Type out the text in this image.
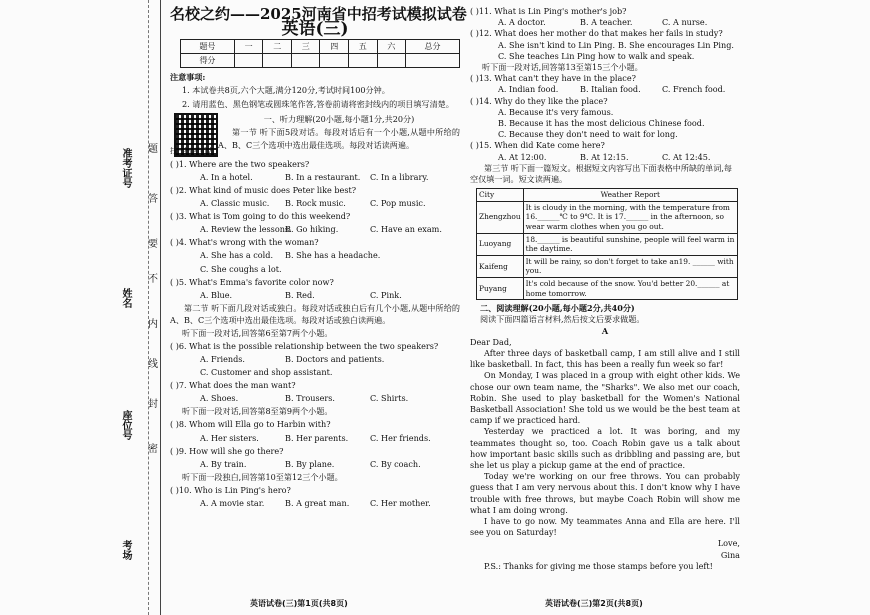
准考证号
姓名
座位号
考场
题
答
要
不
内
线
封
密
名校之约——2025河南省中招考试模拟试卷
英语(三)
题号	一	二	三	四	五	六	总分
得分							
注意事项:
1. 本试卷共8页,六个大题,满分120分,考试时间100分钟。
2. 请用蓝色、黑色钢笔或圆珠笔作答,答卷前请将密封线内的项目填写清楚。
一、听力理解(20小题,每小题1分,共20分)
第一节 听下面5段对话。每段对话后有一个小题,从题中所给的A、B、C三个选项中选出最佳选项。每段对话读两遍。
扫一扫 听听力
( )1. Where are the two speakers?
A. In a hotel.	B. In a restaurant.	C. In a library.
( )2. What kind of music does Peter like best?
A. Classic music.	B. Rock music.	C. Pop music.
( )3. What is Tom going to do this weekend?
A. Review the lessons.
B. Go hiking.	C. Have an exam.
( )4. What's wrong with the woman?
A. She has a cold.	B. She has a headache.
C. She coughs a lot.
( )5. What's Emma's favorite color now?
A. Blue.	B. Red.	C. Pink.
第二节 听下面几段对话或独白。每段对话或独白后有几个小题,从题中所给的A、B、C三个选项中选出最佳选项。每段对话或独白读两遍。
听下面一段对话,回答第6至第7两个小题。
( )6. What is the possible relationship between the two speakers?
A. Friends.	B. Doctors and patients.
C. Customer and shop assistant.
( )7. What does the man want?
A. Shoes.	B. Trousers.	C. Shirts.
听下面一段对话,回答第8至第9两个小题。
( )8. Whom will Ella go to Harbin with?
A. Her sisters.	B. Her parents.	C. Her friends.
( )9. How will she go there?
A. By train.	B. By plane.	C. By coach.
听下面一段独白,回答第10至第12三个小题。
( )10. Who is Lin Ping's hero?
A. A movie star.	B. A great man.	C. Her mother.
( )11. What is Lin Ping's mother's job?
A. A doctor.	B. A teacher.	C. A nurse.
( )12. What does her mother do that makes her fails in study?
A. She isn't kind to Lin Ping. B. She encourages Lin Ping.
C. She teaches Lin Ping how to walk and speak.
听下面一段对话,回答第13至第15三个小题。
( )13. What can't they have in the place?
A. Indian food.	B. Italian food.	C. French food.
( )14. Why do they like the place?
A. Because it's very famous.
B. Because it has the most delicious Chinese food.
C. Because they don't need to wait for long.
( )15. When did Kate come here?
A. At 12:00.	B. At 12:15.	C. At 12:45.
第三节 听下面一篇短文。根据短文内容写出下面表格中所缺的单词,每空仅填一词。短文读两遍。
City	Weather Report
Zhengzhou	It is cloudy in the morning, with the temperature from 16.______℃ to 9℃. It is 17.______ in the afternoon, so wear warm clothes when you go out.
Luoyang	18.______ is beautiful sunshine, people will feel warm in the daytime.
Kaifeng	It will be rainy, so don't forget to take an19. ______ with you.
Puyang	It's cold because of the snow. You'd better 20.______ at home tomorrow.
二、阅读理解(20小题,每小题2分,共40分)
阅读下面四篇语言材料,然后按文后要求做题。
A
Dear Dad,
After three days of basketball camp, I am still alive and I still like basketball. In fact, this has been a really fun week so far!
On Monday, I was placed in a group with eight other kids. We chose our own team name, the "Sharks". We also met our coach, Robin. She used to play basketball for the Women's National Basketball Association! She told us we would be the best team at camp if we practiced hard.
Yesterday we practiced a lot. It was boring, and my teammates thought so, too. Coach Robin gave us a talk about how important basic skills such as dribbling and passing are, but she let us play a pickup game at the end of practice.
Today we're working on our free throws. You can probably guess that I am very nervous about this. I don't know why I have trouble with free throws, but maybe Coach Robin will show me what I am doing wrong.
I have to go now. My teammates Anna and Ella are here. I'll see you on Saturday!
Love,
Gina
P.S.: Thanks for giving me those stamps before you left!
英语试卷(三)第1页(共8页)	英语试卷(三)第2页(共8页)
